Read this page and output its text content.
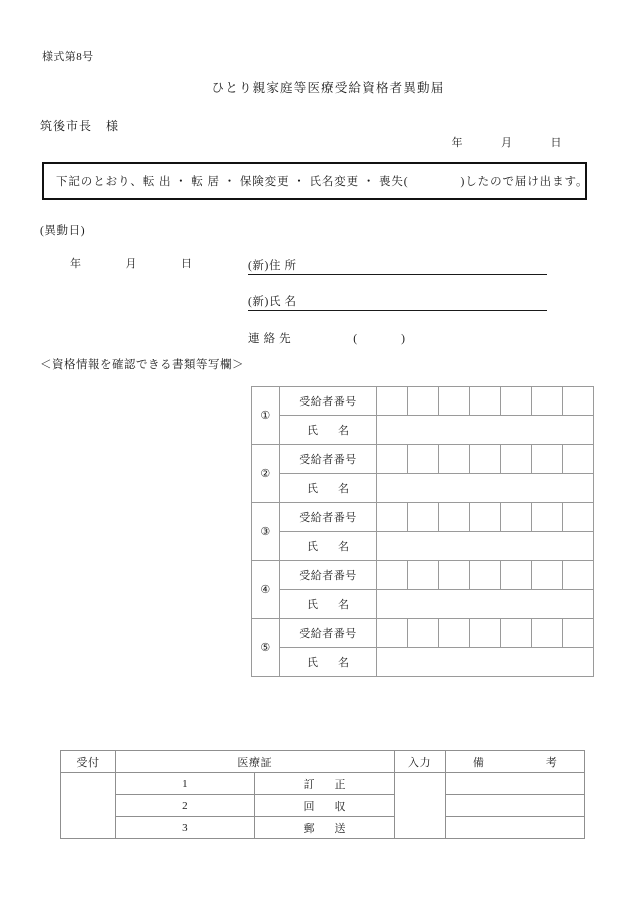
様式第8号
ひとり親家庭等医療受給資格者異動届
筑後市長 様
年	月	日
下記のとおり、転 出 ・ 転 居 ・ 保険変更 ・ 氏名変更 ・ 喪失(	)したので届け出ます。
(異動日)
年	月	日	(新)住 所
(新)氏 名
連 絡 先	(	)
＜資格情報を確認できる書類等写欄＞
①	受給者番号							
	氏 名							
②	受給者番号							
	氏 名							
③	受給者番号							
	氏 名							
④	受給者番号							
	氏 名							
⑤	受給者番号							
	氏 名							
受付	医療証		入力	備 考
	1	訂 正		
	2	回 収		
	3	郵 送		
